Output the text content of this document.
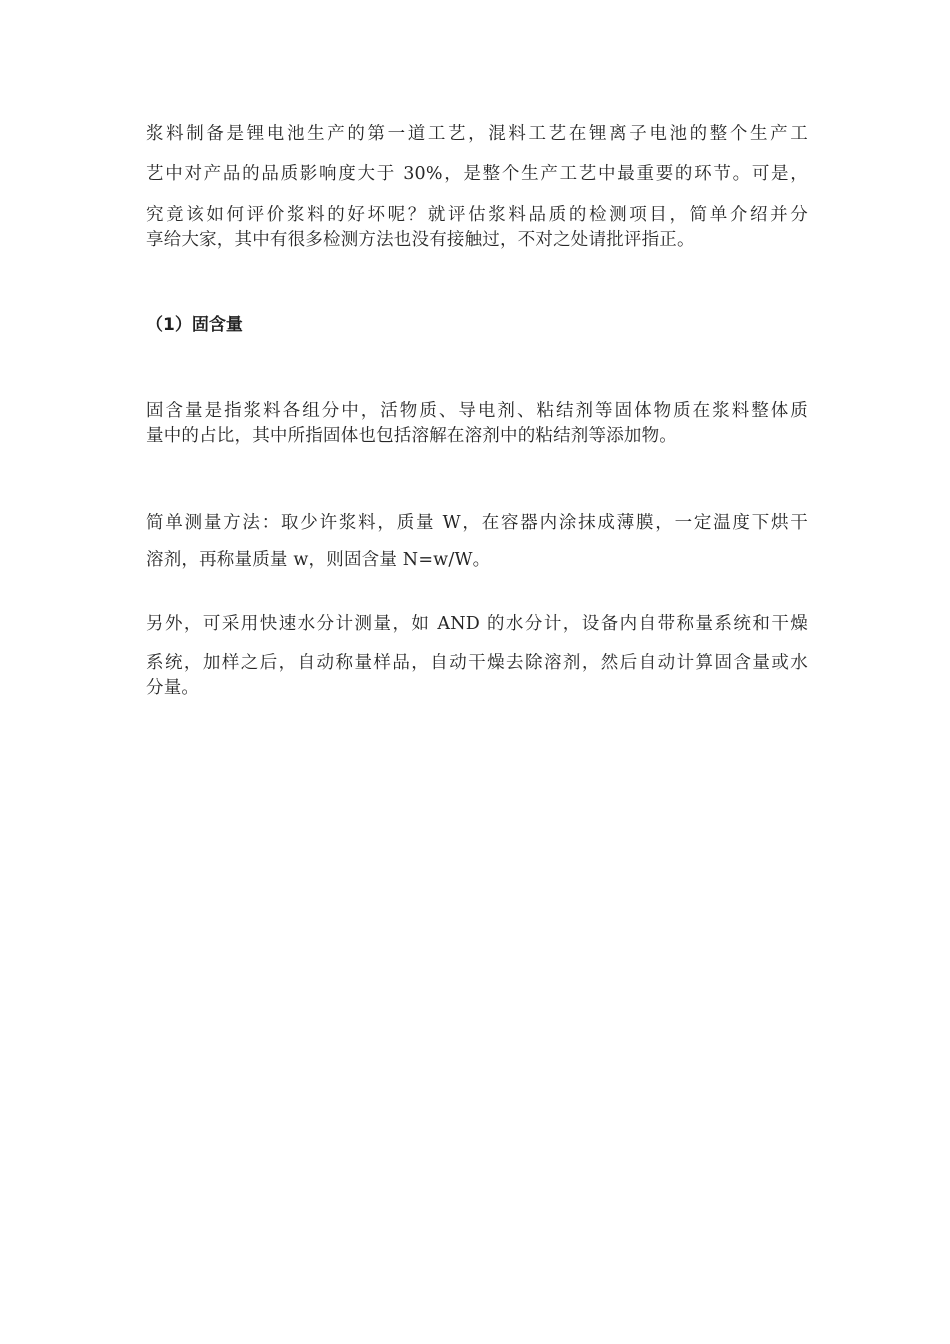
浆料制备是锂电池生产的第一道工艺，混料工艺在锂离子电池的整个生产工
艺中对产品的品质影响度大于 30%，是整个生产工艺中最重要的环节。可是，
究竟该如何评价浆料的好坏呢？就评估浆料品质的检测项目，简单介绍并分
享给大家，其中有很多检测方法也没有接触过，不对之处请批评指正。
（1）固含量
固含量是指浆料各组分中，活物质、导电剂、粘结剂等固体物质在浆料整体质
量中的占比，其中所指固体也包括溶解在溶剂中的粘结剂等添加物。
简单测量方法：取少许浆料，质量 W，在容器内涂抹成薄膜，一定温度下烘干
溶剂，再称量质量 w，则固含量 N=w/W。
另外，可采用快速水分计测量，如 AND 的水分计，设备内自带称量系统和干燥
系统，加样之后，自动称量样品，自动干燥去除溶剂，然后自动计算固含量或水
分量。
